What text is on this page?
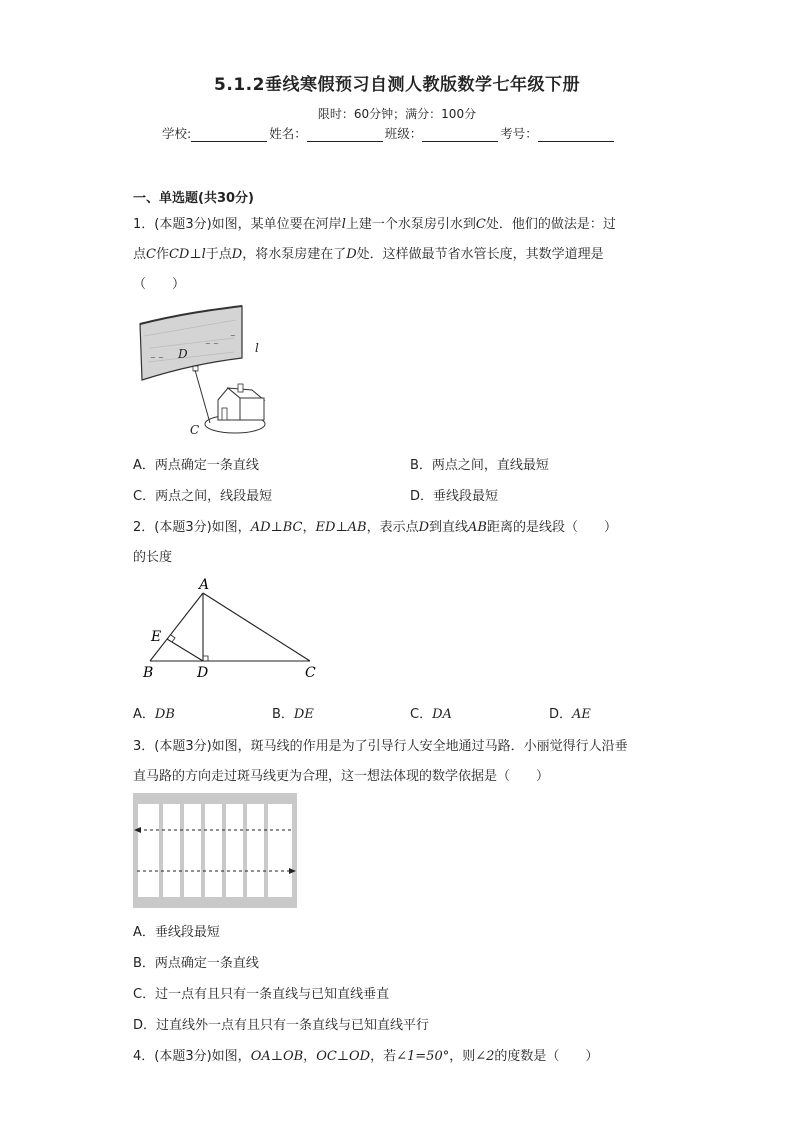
5.1.2垂线寒假预习自测人教版数学七年级下册
限时：60分钟；满分：100分
学校:	姓名：	班级：	考号：
一、单选题(共30分)
1．(本题3分)如图，某单位要在河岸l上建一个水泵房引水到C处．他们的做法是：过
点C作CD⊥l于点D，将水泵房建在了D处．这样做最节省水管长度，其数学道理是
（　　）
~ ~
~ ~
~
D	l
C
A．两点确定一条直线	B．两点之间，直线最短
C．两点之间，线段最短	D．垂线段最短
2．(本题3分)如图，AD⊥BC，ED⊥AB，表示点D到直线AB距离的是线段（　　）
的长度
A
B	D	C
E
A．DB	B．DE	C．DA	D．AE
3．(本题3分)如图，斑马线的作用是为了引导行人安全地通过马路．小丽觉得行人沿垂
直马路的方向走过斑马线更为合理，这一想法体现的数学依据是（　　）
A．垂线段最短
B．两点确定一条直线
C．过一点有且只有一条直线与已知直线垂直
D．过直线外一点有且只有一条直线与已知直线平行
4．(本题3分)如图，OA⊥OB，OC⊥OD，若∠1=50°，则∠2的度数是（　　）
